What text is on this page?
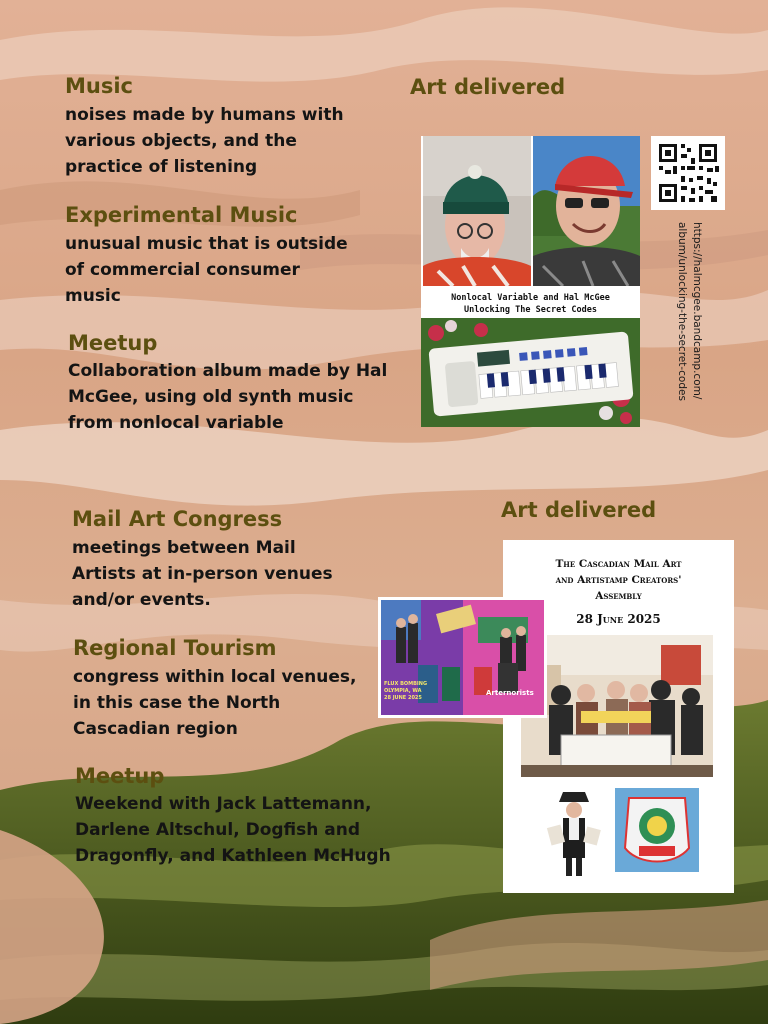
Music
noises made by humans with
various objects, and the
practice of listening
Experimental Music
unusual music that is outside
of commercial consumer
music
Meetup
Collaboration album made by Hal
McGee, using old synth music
from nonlocal variable
Mail Art Congress
meetings between Mail
Artists at in-person venues
and/or events.
Regional Tourism
congress within local venues,
in this case the North
Cascadian region
Meetup
Weekend with Jack Lattemann,
Darlene Altschul, Dogfish and
Dragonfly, and Kathleen McHugh
Art delivered
Nonlocal Variable and Hal McGee
Unlocking The Secret Codes	https://halmcgee.bandcamp.com/
album/unlocking-the-secret-codes
Art delivered
The Cascadian Mail Art
and Artistamp Creators'
Assembly
28 June 2025
FLUX BOMBING
OLYMPIA, WA
28 JUNE 2025
Arternorists
